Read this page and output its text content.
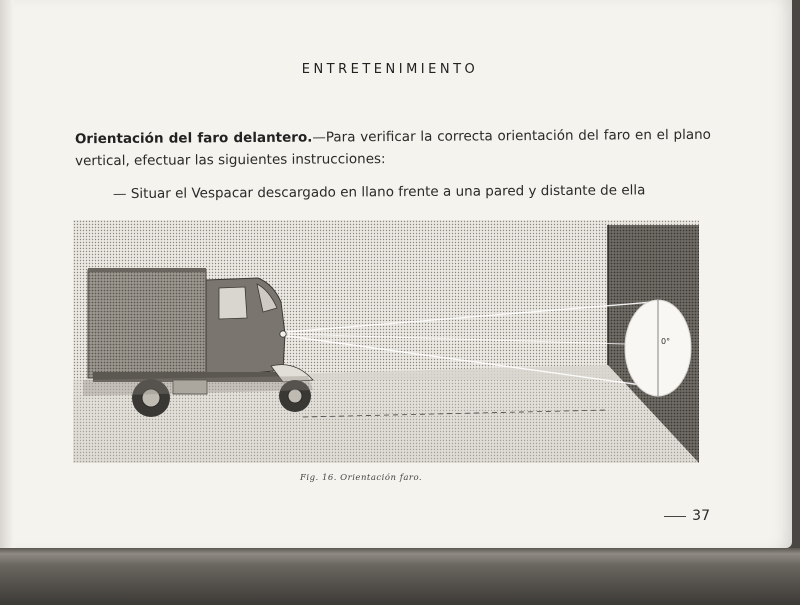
ENTRETENIMIENTO
Orientación del faro delantero.—Para verificar la correcta orientación del faro en el plano vertical, efectuar las siguientes instrucciones:
— Situar el Vespacar descargado en llano frente a una pared y distante de ella
0°
Fig. 16. Orientación faro.
37
